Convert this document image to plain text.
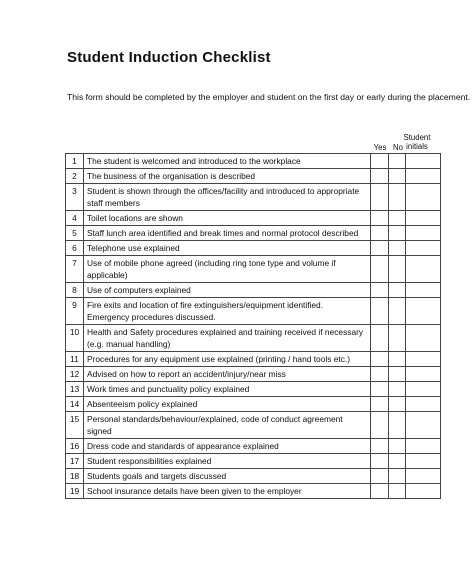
Student Induction Checklist
This form should be completed by the employer and student on the first day or early during the placement.
Yes No
Student
initials
1	The student is welcomed and introduced to the workplace			
2	The business of the organisation is described			
3	Student is shown through the offices/facility and introduced to appropriate staff members			
4	Toilet locations are shown			
5	Staff lunch area identified and break times and normal protocol described			
6	Telephone use explained			
7	Use of mobile phone agreed (including ring tone type and volume if applicable)			
8	Use of computers explained			
9	Fire exits and location of fire extinguishers/equipment identified. Emergency procedures discussed.			
10	Health and Safety procedures explained and training received if necessary (e.g. manual handling)			
11	Procedures for any equipment use explained (printing / hand tools etc.)			
12	Advised on how to report an accident/injury/near miss			
13	Work times and punctuality policy explained			
14	Absenteeism policy explained			
15	Personal standards/behaviour/explained, code of conduct agreement signed			
16	Dress code and standards of appearance explained			
17	Student responsibilities explained			
18	Students goals and targets discussed			
19	School insurance details have been given to the employer			
